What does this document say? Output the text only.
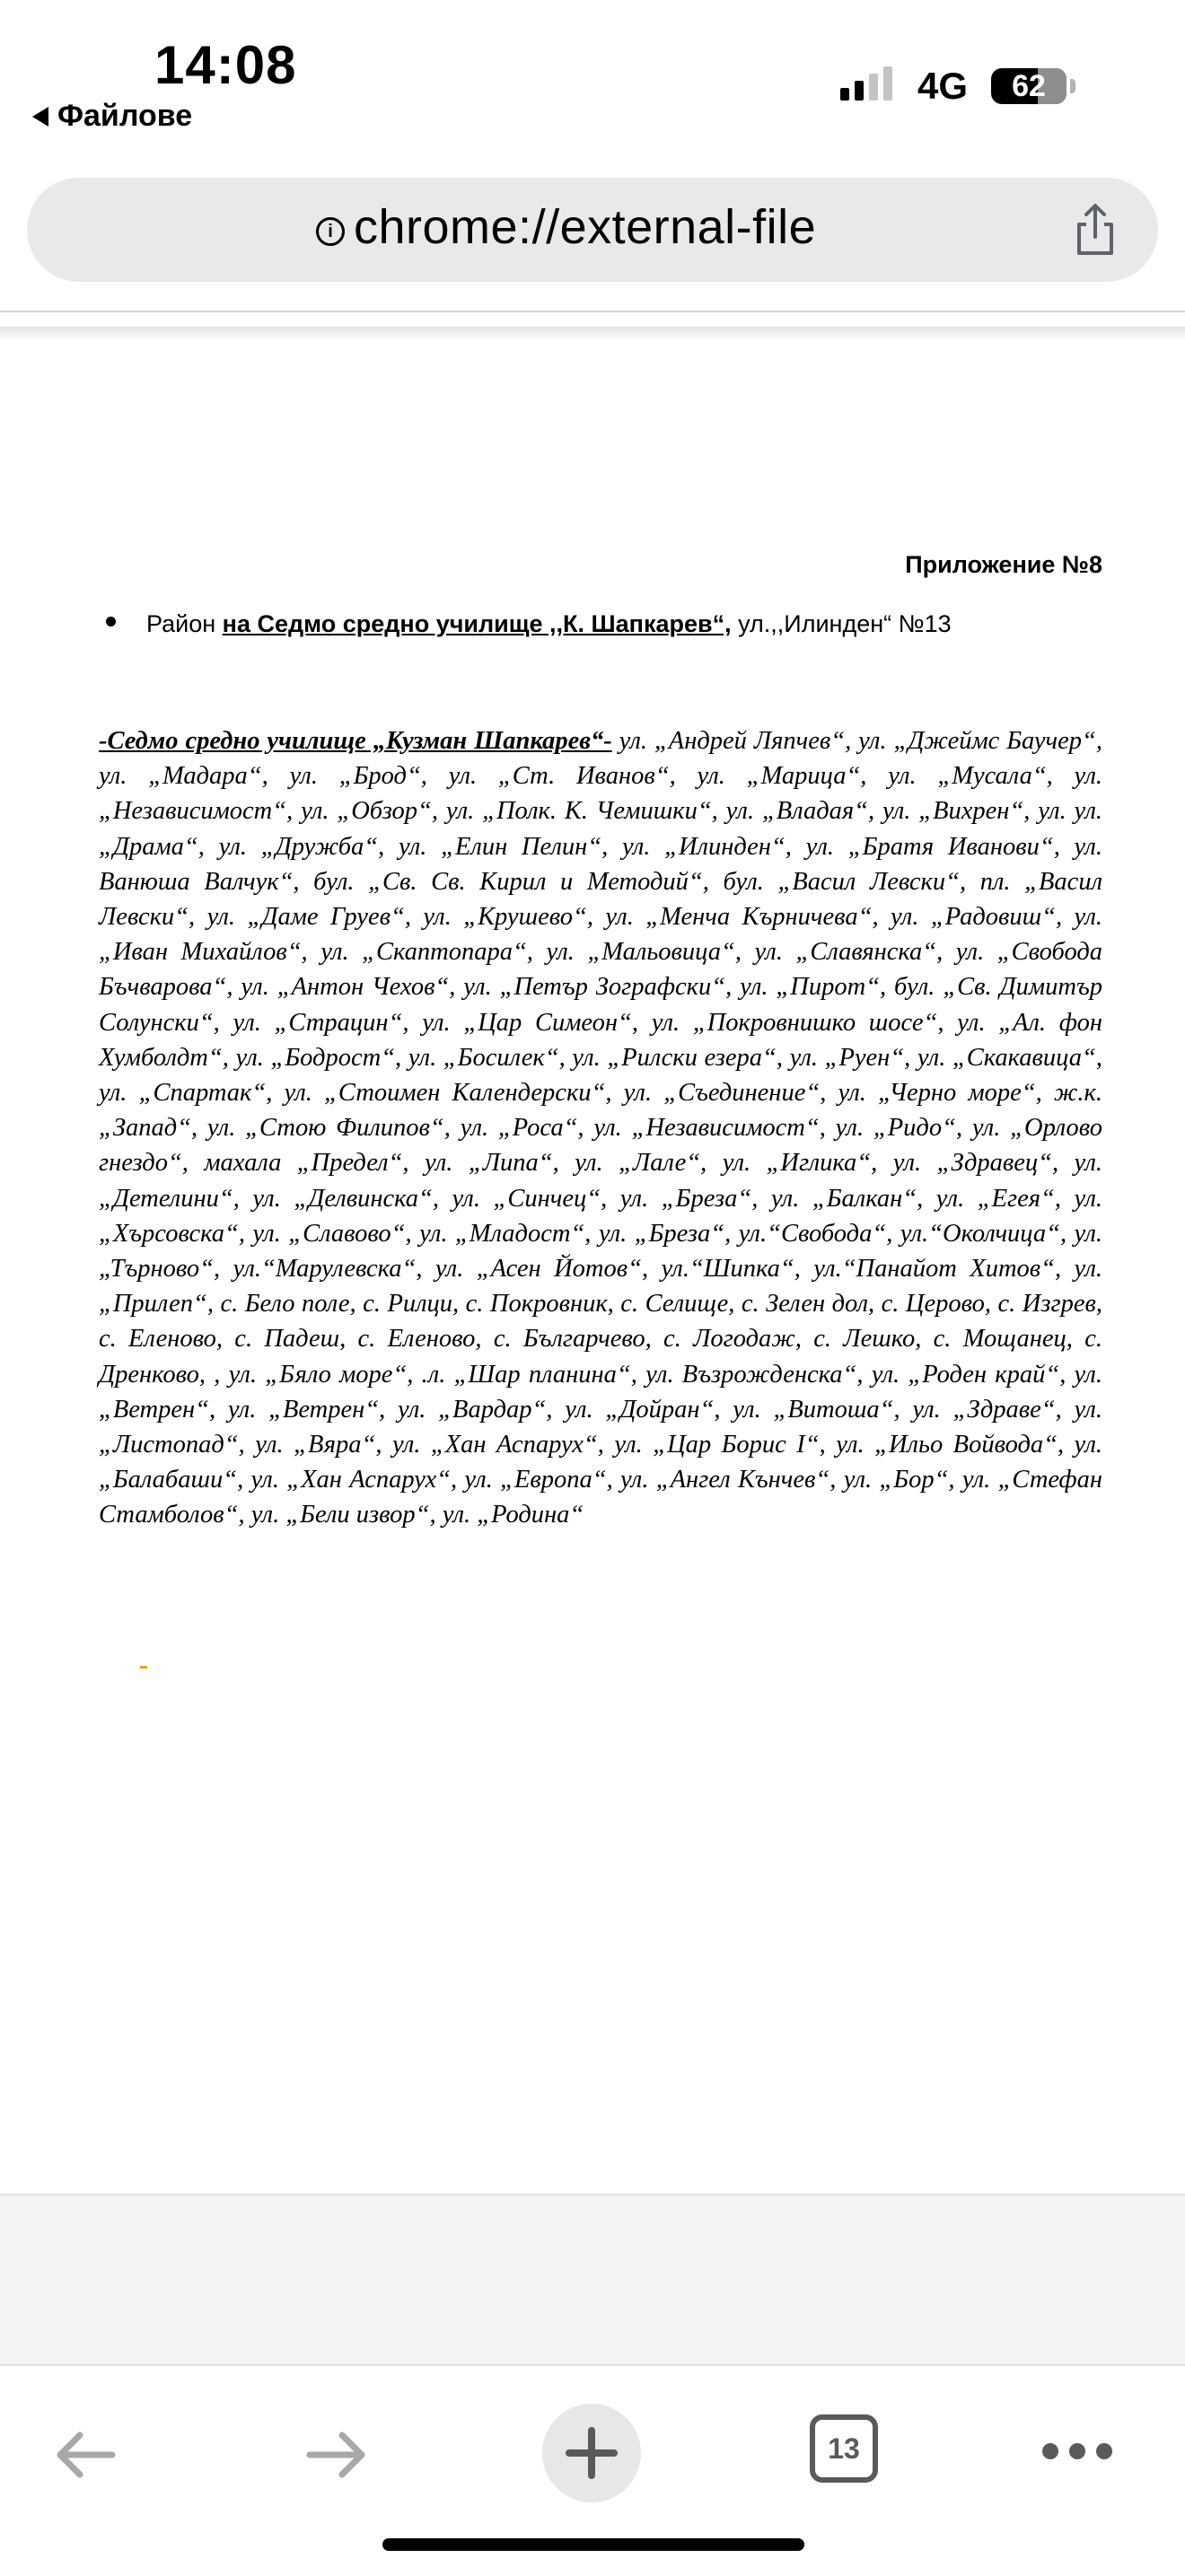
14:08
Файлове
4G 62
i chrome://external-file
Приложение №8
Район на Седмо средно училище ,,К. Шапкарев“, ул.,,Илинден“ №13
-Седмо средно училище „Кузман Шапкарев“- ул. „Андрей Ляпчев“, ул. „Джеймс Баучер“, ул. „Мадара“, ул. „Брод“, ул. „Ст. Иванов“, ул. „Марица“, ул. „Мусала“, ул. „Независимост“, ул. „Обзор“, ул. „Полк. К. Чемишки“, ул. „Владая“, ул. „Вихрен“, ул. ул. „Драма“, ул. „Дружба“, ул. „Елин Пелин“, ул. „Илинден“, ул. „Братя Иванови“, ул. Ванюша Валчук“, бул. „Св. Св. Кирил и Методий“, бул. „Васил Левски“, пл. „Васил Левски“, ул. „Даме Груев“, ул. „Крушево“, ул. „Менча Кърничева“, ул. „Радовиш“, ул. „Иван Михайлов“, ул. „Скаптопара“, ул. „Мальовица“, ул. „Славянска“, ул. „Свобода Бъчварова“, ул. „Антон Чехов“, ул. „Петър Зографски“, ул. „Пирот“, бул. „Св. Димитър Солунски“, ул. „Страцин“, ул. „Цар Симеон“, ул. „Покровнишко шосе“, ул. „Ал. фон Хумболдт“, ул. „Бодрост“, ул. „Босилек“, ул. „Рилски езера“, ул. „Руен“, ул. „Скакавица“, ул. „Спартак“, ул. „Стоимен Календерски“, ул. „Съединение“, ул. „Черно море“, ж.к. „Запад“, ул. „Стою Филипов“, ул. „Роса“, ул. „Независимост“, ул. „Ридо“, ул. „Орлово гнездо“, махала „Предел“, ул. „Липа“, ул. „Лале“, ул. „Иглика“, ул. „Здравец“, ул. „Детелини“, ул. „Делвинска“, ул. „Синчец“, ул. „Бреза“, ул. „Балкан“, ул. „Егея“, ул. „Хърсовска“, ул. „Славово“, ул. „Младост“, ул. „Бреза“, ул.“Свобода“, ул.“Околчица“, ул. „Търново“, ул.“Марулевска“, ул. „Асен Йотов“, ул.“Шипка“, ул.“Панайот Хитов“, ул. „Прилеп“, с. Бело поле, с. Рилци, с. Покровник, с. Селище, с. Зелен дол, с. Церово, с. Изгрев, с. Еленово, с. Падеш, с. Еленово, с. Българчево, с. Логодаж, с. Лешко, с. Мощанец, с. Дренково, , ул. „Бяло море“, .л. „Шар планина“, ул. Възрожденска“, ул. „Роден край“, ул. „Ветрен“, ул. „Ветрен“, ул. „Вардар“, ул. „Дойран“, ул. „Витоша“, ул. „Здраве“, ул. „Листопад“, ул. „Вяра“, ул. „Хан Аспарух“, ул. „Цар Борис I“, ул. „Ильо Войвода“, ул. „Балабаши“, ул. „Хан Аспарух“, ул. „Европа“, ул. „Ангел Кънчев“, ул. „Бор“, ул. „Стефан Стамболов“, ул. „Бели извор“, ул. „Родина“
13
